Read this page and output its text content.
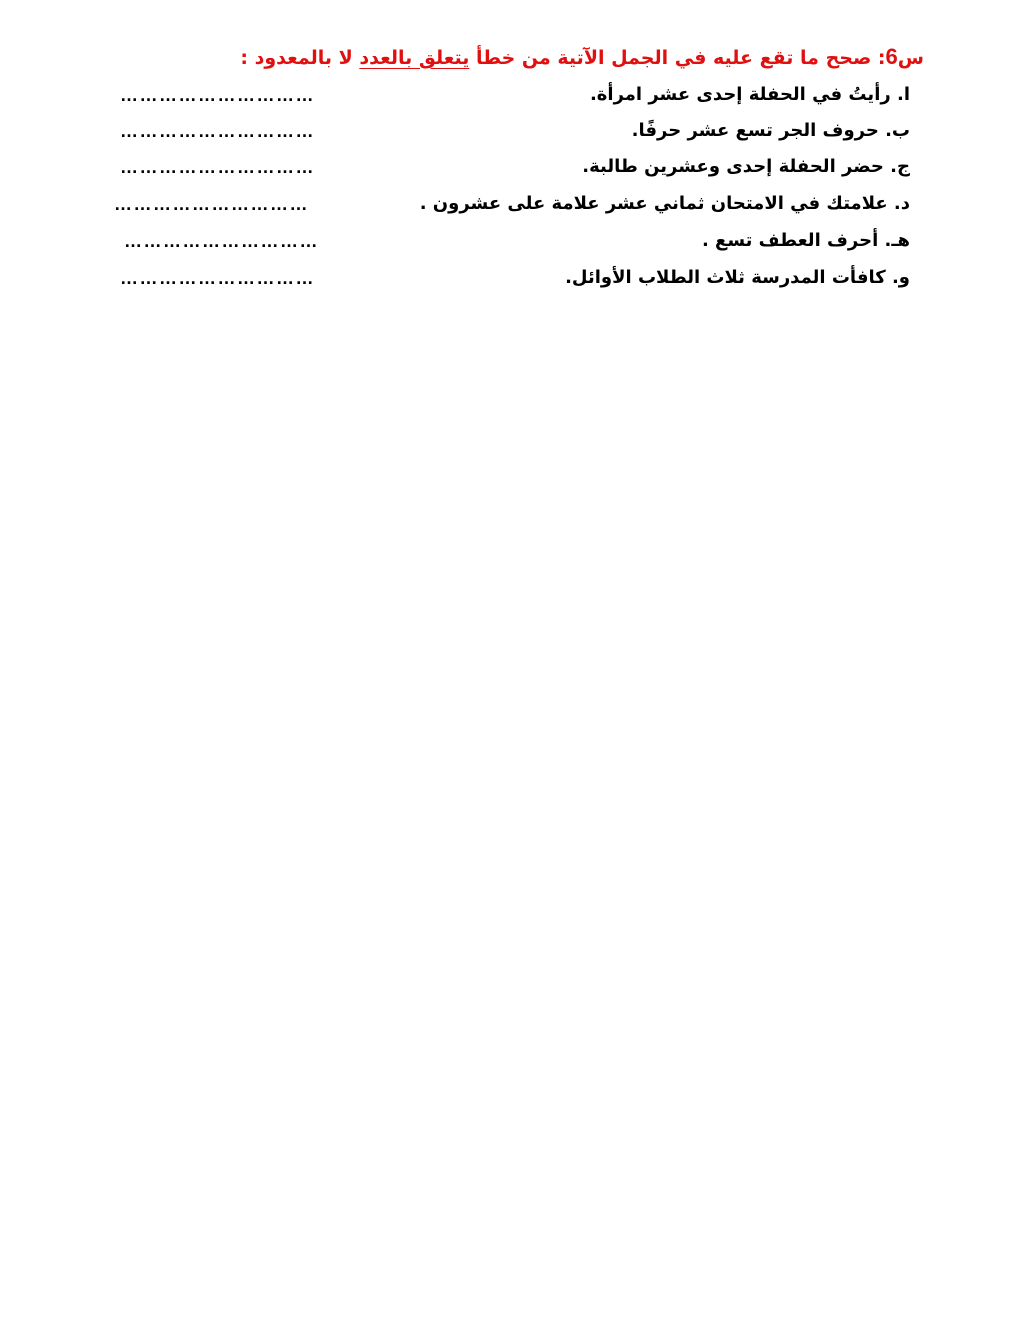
س6: صحح ما تقع عليه في الجمل الآتية من خطأ يتعلق بالعدد لا بالمعدود :
ا. رأيتُ في الحفلة إحدى عشر امرأة.
…………………………
ب. حروف الجر تسع عشر حرفًا.
…………………………
ج. حضر الحفلة إحدى وعشرين طالبة.
…………………………
د. علامتك في الامتحان ثماني عشر علامة على عشرون .
…………………………
هـ. أحرف العطف تسع .
…………………………
و. كافأت المدرسة ثلاث الطلاب الأوائل.
…………………………
